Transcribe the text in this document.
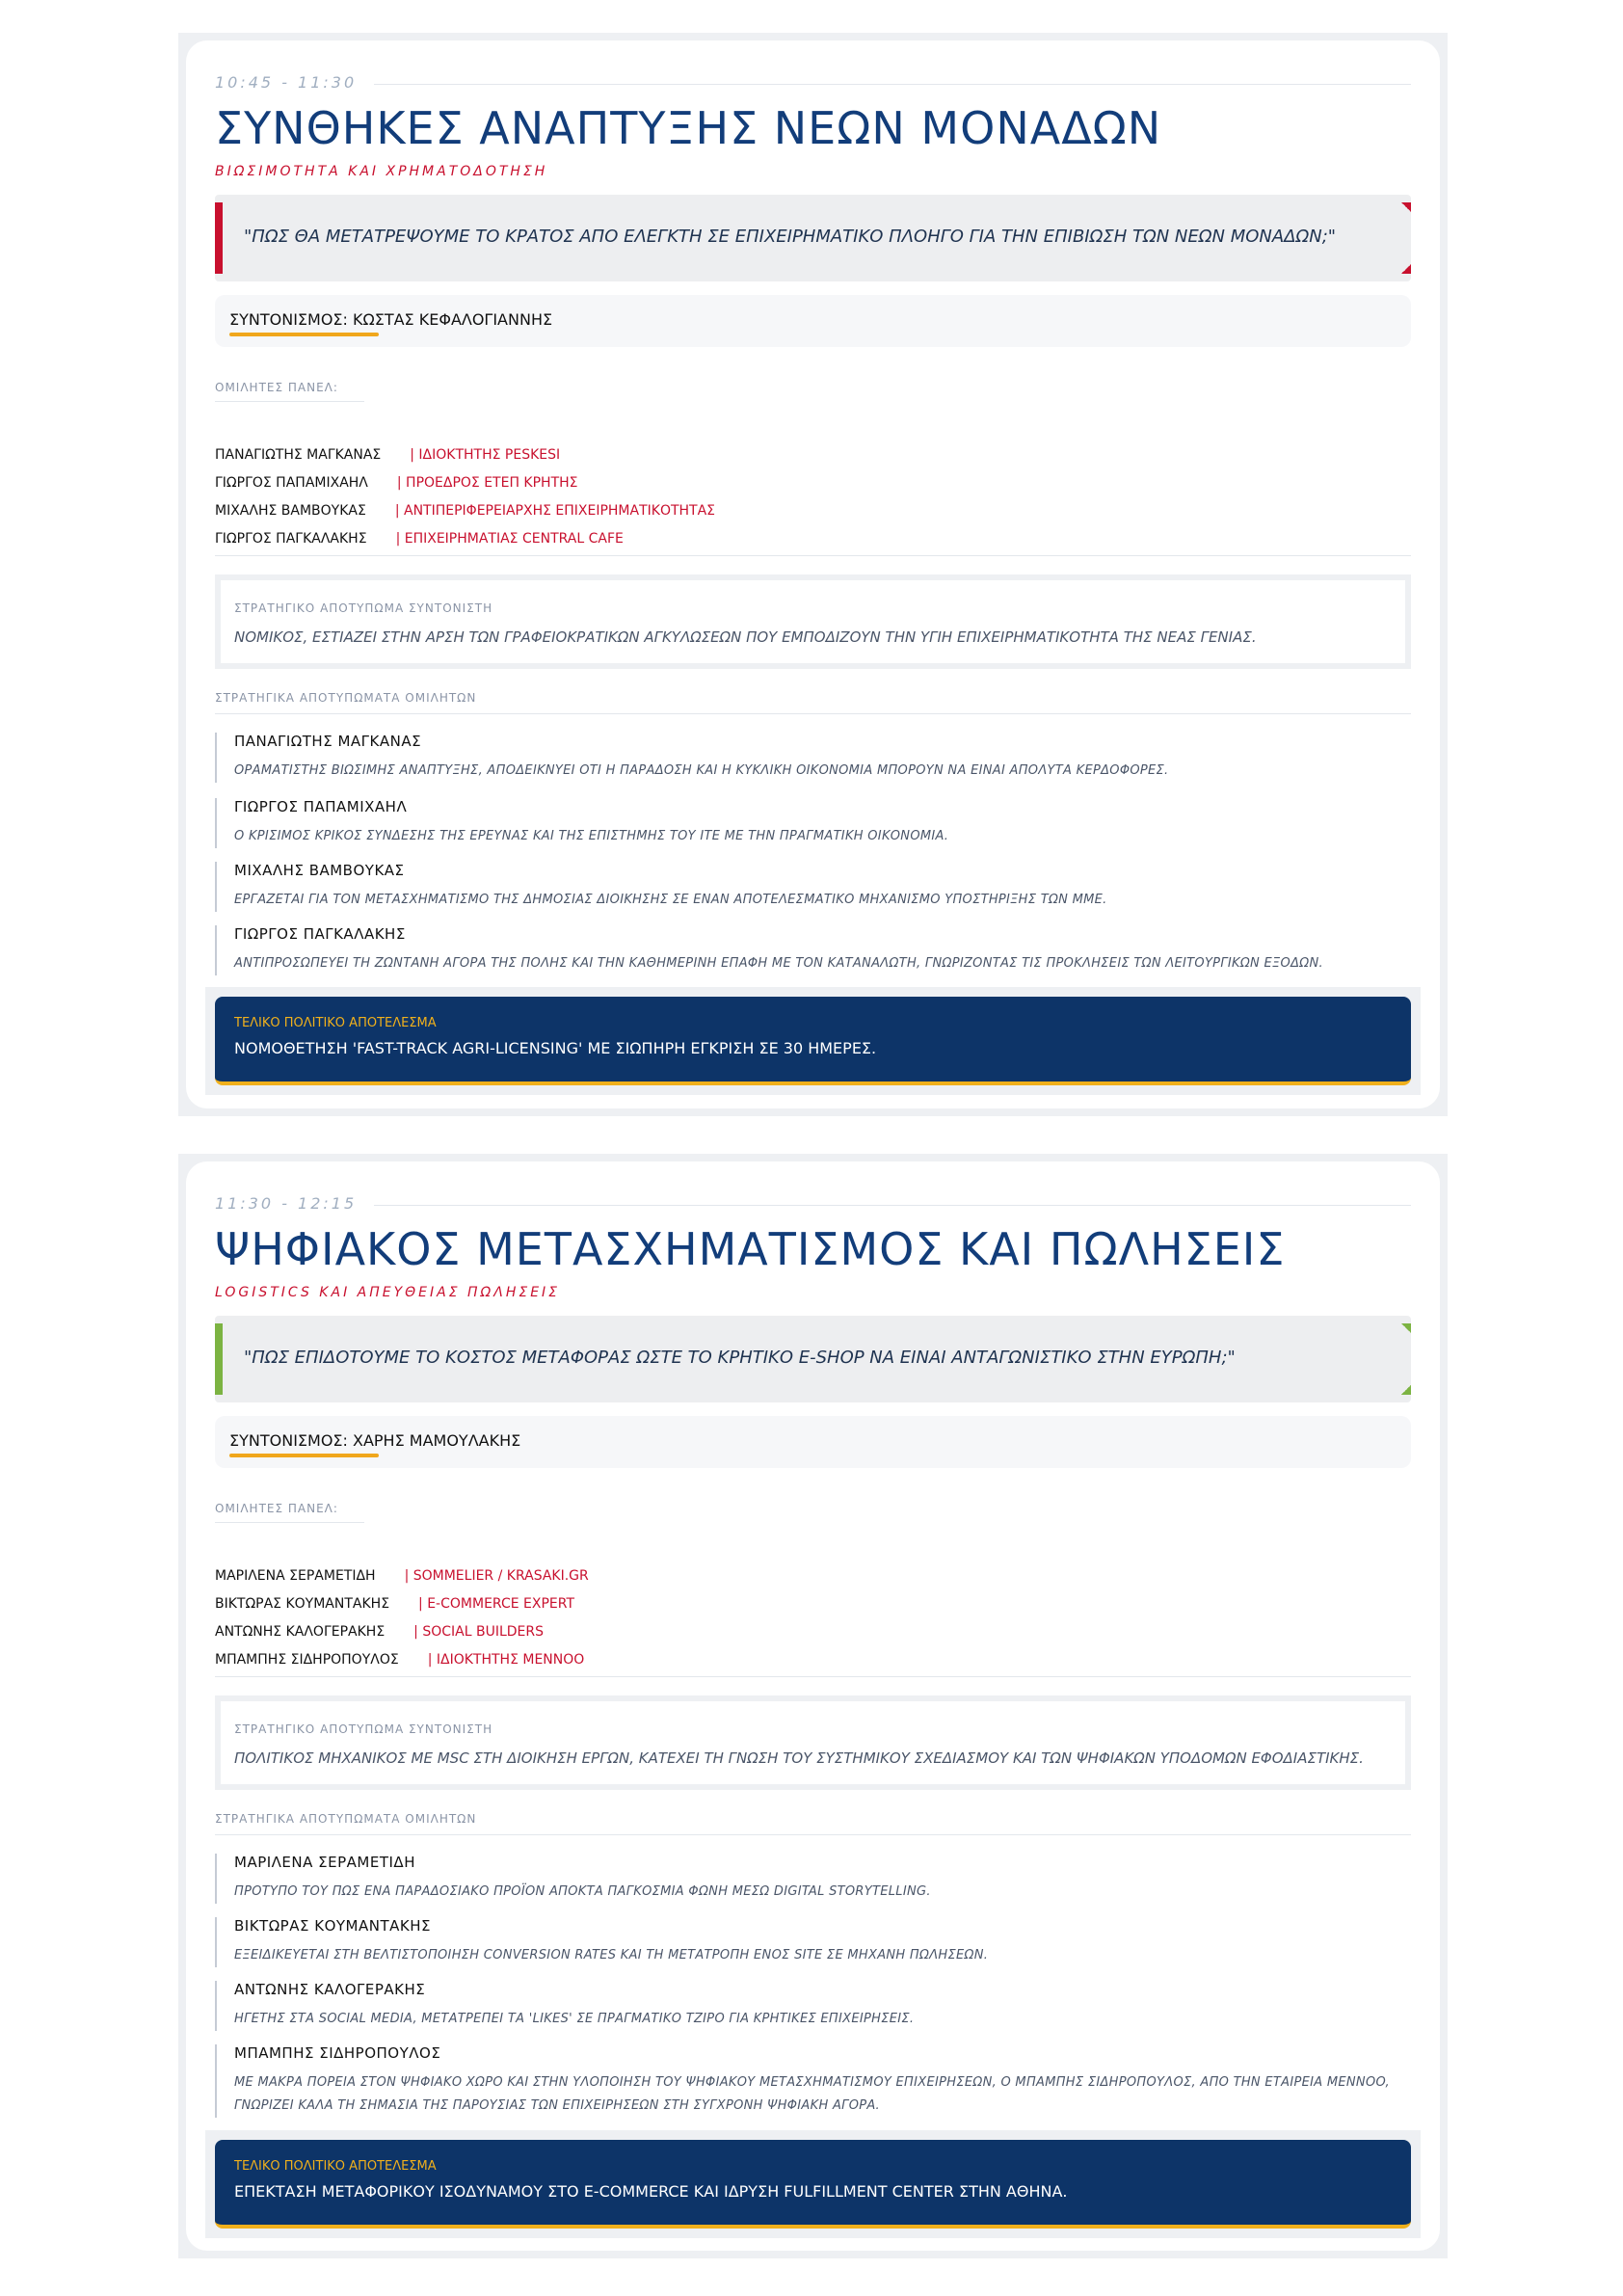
10:45 - 11:30
ΣΥΝΘΗΚΕΣ ΑΝΑΠΤΥΞΗΣ ΝΕΩΝ ΜΟΝΑΔΩΝ
ΒΙΩΣΙΜΟΤΗΤΑ ΚΑΙ ΧΡΗΜΑΤΟΔΟΤΗΣΗ
"ΠΩΣ ΘΑ ΜΕΤΑΤΡΕΨΟΥΜΕ ΤΟ ΚΡΑΤΟΣ ΑΠΟ ΕΛΕΓΚΤΗ ΣΕ ΕΠΙΧΕΙΡΗΜΑΤΙΚΟ ΠΛΟΗΓΟ ΓΙΑ ΤΗΝ ΕΠΙΒΙΩΣΗ ΤΩΝ ΝΕΩΝ ΜΟΝΑΔΩΝ;"
ΣΥΝΤΟΝΙΣΜΟΣ: ΚΩΣΤΑΣ ΚΕΦΑΛΟΓΙΑΝΝΗΣ
ΟΜΙΛΗΤΕΣ ΠΑΝΕΛ:
ΠΑΝΑΓΙΩΤΗΣ ΜΑΓΚΑΝΑΣ | ΙΔΙΟΚΤΗΤΗΣ PESKESI
ΓΙΩΡΓΟΣ ΠΑΠΑΜΙΧΑΗΛ | ΠΡΟΕΔΡΟΣ ΕΤΕΠ ΚΡΗΤΗΣ
ΜΙΧΑΛΗΣ ΒΑΜΒΟΥΚΑΣ | ΑΝΤΙΠΕΡΙΦΕΡΕΙΑΡΧΗΣ ΕΠΙΧΕΙΡΗΜΑΤΙΚΟΤΗΤΑΣ
ΓΙΩΡΓΟΣ ΠΑΓΚΑΛΑΚΗΣ | ΕΠΙΧΕΙΡΗΜΑΤΙΑΣ CENTRAL CAFE
ΣΤΡΑΤΗΓΙΚΟ ΑΠΟΤΥΠΩΜΑ ΣΥΝΤΟΝΙΣΤΗ
ΝΟΜΙΚΟΣ, ΕΣΤΙΑΖΕΙ ΣΤΗΝ ΑΡΣΗ ΤΩΝ ΓΡΑΦΕΙΟΚΡΑΤΙΚΩΝ ΑΓΚΥΛΩΣΕΩΝ ΠΟΥ ΕΜΠΟΔΙΖΟΥΝ ΤΗΝ ΥΓΙΗ ΕΠΙΧΕΙΡΗΜΑΤΙΚΟΤΗΤΑ ΤΗΣ ΝΕΑΣ ΓΕΝΙΑΣ.
ΣΤΡΑΤΗΓΙΚΑ ΑΠΟΤΥΠΩΜΑΤΑ ΟΜΙΛΗΤΩΝ
ΠΑΝΑΓΙΩΤΗΣ ΜΑΓΚΑΝΑΣ
ΟΡΑΜΑΤΙΣΤΗΣ ΒΙΩΣΙΜΗΣ ΑΝΑΠΤΥΞΗΣ, ΑΠΟΔΕΙΚΝΥΕΙ ΟΤΙ Η ΠΑΡΑΔΟΣΗ ΚΑΙ Η ΚΥΚΛΙΚΗ ΟΙΚΟΝΟΜΙΑ ΜΠΟΡΟΥΝ ΝΑ ΕΙΝΑΙ ΑΠΟΛΥΤΑ ΚΕΡΔΟΦΟΡΕΣ.
ΓΙΩΡΓΟΣ ΠΑΠΑΜΙΧΑΗΛ
Ο ΚΡΙΣΙΜΟΣ ΚΡΙΚΟΣ ΣΥΝΔΕΣΗΣ ΤΗΣ ΕΡΕΥΝΑΣ ΚΑΙ ΤΗΣ ΕΠΙΣΤΗΜΗΣ ΤΟΥ ΙΤΕ ΜΕ ΤΗΝ ΠΡΑΓΜΑΤΙΚΗ ΟΙΚΟΝΟΜΙΑ.
ΜΙΧΑΛΗΣ ΒΑΜΒΟΥΚΑΣ
ΕΡΓΑΖΕΤΑΙ ΓΙΑ ΤΟΝ ΜΕΤΑΣΧΗΜΑΤΙΣΜΟ ΤΗΣ ΔΗΜΟΣΙΑΣ ΔΙΟΙΚΗΣΗΣ ΣΕ ΕΝΑΝ ΑΠΟΤΕΛΕΣΜΑΤΙΚΟ ΜΗΧΑΝΙΣΜΟ ΥΠΟΣΤΗΡΙΞΗΣ ΤΩΝ ΜΜΕ.
ΓΙΩΡΓΟΣ ΠΑΓΚΑΛΑΚΗΣ
ΑΝΤΙΠΡΟΣΩΠΕΥΕΙ ΤΗ ΖΩΝΤΑΝΗ ΑΓΟΡΑ ΤΗΣ ΠΟΛΗΣ ΚΑΙ ΤΗΝ ΚΑΘΗΜΕΡΙΝΗ ΕΠΑΦΗ ΜΕ ΤΟΝ ΚΑΤΑΝΑΛΩΤΗ, ΓΝΩΡΙΖΟΝΤΑΣ ΤΙΣ ΠΡΟΚΛΗΣΕΙΣ ΤΩΝ ΛΕΙΤΟΥΡΓΙΚΩΝ ΕΞΟΔΩΝ.
ΤΕΛΙΚΟ ΠΟΛΙΤΙΚΟ ΑΠΟΤΕΛΕΣΜΑ
ΝΟΜΟΘΕΤΗΣΗ 'FAST-TRACK AGRI-LICENSING' ΜΕ ΣΙΩΠΗΡΗ ΕΓΚΡΙΣΗ ΣΕ 30 ΗΜΕΡΕΣ.
11:30 - 12:15
ΨΗΦΙΑΚΟΣ ΜΕΤΑΣΧΗΜΑΤΙΣΜΟΣ ΚΑΙ ΠΩΛΗΣΕΙΣ
LOGISTICS ΚΑΙ ΑΠΕΥΘΕΙΑΣ ΠΩΛΗΣΕΙΣ
"ΠΩΣ ΕΠΙΔΟΤΟΥΜΕ ΤΟ ΚΟΣΤΟΣ ΜΕΤΑΦΟΡΑΣ ΩΣΤΕ ΤΟ ΚΡΗΤΙΚΟ E-SHOP ΝΑ ΕΙΝΑΙ ΑΝΤΑΓΩΝΙΣΤΙΚΟ ΣΤΗΝ ΕΥΡΩΠΗ;"
ΣΥΝΤΟΝΙΣΜΟΣ: ΧΑΡΗΣ ΜΑΜΟΥΛΑΚΗΣ
ΟΜΙΛΗΤΕΣ ΠΑΝΕΛ:
ΜΑΡΙΛΕΝΑ ΣΕΡΑΜΕΤΙΔΗ | SOMMELIER / KRASAKI.GR
ΒΙΚΤΩΡΑΣ ΚΟΥΜΑΝΤΑΚΗΣ | E-COMMERCE EXPERT
ΑΝΤΩΝΗΣ ΚΑΛΟΓΕΡΑΚΗΣ | SOCIAL BUILDERS
ΜΠΑΜΠΗΣ ΣΙΔΗΡΟΠΟΥΛΟΣ | ΙΔΙΟΚΤΗΤΗΣ MENNOO
ΣΤΡΑΤΗΓΙΚΟ ΑΠΟΤΥΠΩΜΑ ΣΥΝΤΟΝΙΣΤΗ
ΠΟΛΙΤΙΚΟΣ ΜΗΧΑΝΙΚΟΣ ΜΕ MSC ΣΤΗ ΔΙΟΙΚΗΣΗ ΕΡΓΩΝ, ΚΑΤΕΧΕΙ ΤΗ ΓΝΩΣΗ ΤΟΥ ΣΥΣΤΗΜΙΚΟΥ ΣΧΕΔΙΑΣΜΟΥ ΚΑΙ ΤΩΝ ΨΗΦΙΑΚΩΝ ΥΠΟΔΟΜΩΝ ΕΦΟΔΙΑΣΤΙΚΗΣ.
ΣΤΡΑΤΗΓΙΚΑ ΑΠΟΤΥΠΩΜΑΤΑ ΟΜΙΛΗΤΩΝ
ΜΑΡΙΛΕΝΑ ΣΕΡΑΜΕΤΙΔΗ
ΠΡΟΤΥΠΟ ΤΟΥ ΠΩΣ ΕΝΑ ΠΑΡΑΔΟΣΙΑΚΟ ΠΡΟΪΟΝ ΑΠΟΚΤΑ ΠΑΓΚΟΣΜΙΑ ΦΩΝΗ ΜΕΣΩ DIGITAL STORYTELLING.
ΒΙΚΤΩΡΑΣ ΚΟΥΜΑΝΤΑΚΗΣ
ΕΞΕΙΔΙΚΕΥΕΤΑΙ ΣΤΗ ΒΕΛΤΙΣΤΟΠΟΙΗΣΗ CONVERSION RATES ΚΑΙ ΤΗ ΜΕΤΑΤΡΟΠΗ ΕΝΟΣ SITE ΣΕ ΜΗΧΑΝΗ ΠΩΛΗΣΕΩΝ.
ΑΝΤΩΝΗΣ ΚΑΛΟΓΕΡΑΚΗΣ
ΗΓΕΤΗΣ ΣΤΑ SOCIAL MEDIA, ΜΕΤΑΤΡΕΠΕΙ ΤΑ 'LIKES' ΣΕ ΠΡΑΓΜΑΤΙΚΟ ΤΖΙΡΟ ΓΙΑ ΚΡΗΤΙΚΕΣ ΕΠΙΧΕΙΡΗΣΕΙΣ.
ΜΠΑΜΠΗΣ ΣΙΔΗΡΟΠΟΥΛΟΣ
ΜΕ ΜΑΚΡΑ ΠΟΡΕΙΑ ΣΤΟΝ ΨΗΦΙΑΚΟ ΧΩΡΟ ΚΑΙ ΣΤΗΝ ΥΛΟΠΟΙΗΣΗ ΤΟΥ ΨΗΦΙΑΚΟΥ ΜΕΤΑΣΧΗΜΑΤΙΣΜΟΥ ΕΠΙΧΕΙΡΗΣΕΩΝ, Ο ΜΠΑΜΠΗΣ ΣΙΔΗΡΟΠΟΥΛΟΣ, ΑΠΟ ΤΗΝ ΕΤΑΙΡΕΙΑ MENNOO, ΓΝΩΡΙΖΕΙ ΚΑΛΑ ΤΗ ΣΗΜΑΣΙΑ ΤΗΣ ΠΑΡΟΥΣΙΑΣ ΤΩΝ ΕΠΙΧΕΙΡΗΣΕΩΝ ΣΤΗ ΣΥΓΧΡΟΝΗ ΨΗΦΙΑΚΗ ΑΓΟΡΑ.
ΤΕΛΙΚΟ ΠΟΛΙΤΙΚΟ ΑΠΟΤΕΛΕΣΜΑ
ΕΠΕΚΤΑΣΗ ΜΕΤΑΦΟΡΙΚΟΥ ΙΣΟΔΥΝΑΜΟΥ ΣΤΟ E-COMMERCE ΚΑΙ ΙΔΡΥΣΗ FULFILLMENT CENTER ΣΤΗΝ ΑΘΗΝΑ.
